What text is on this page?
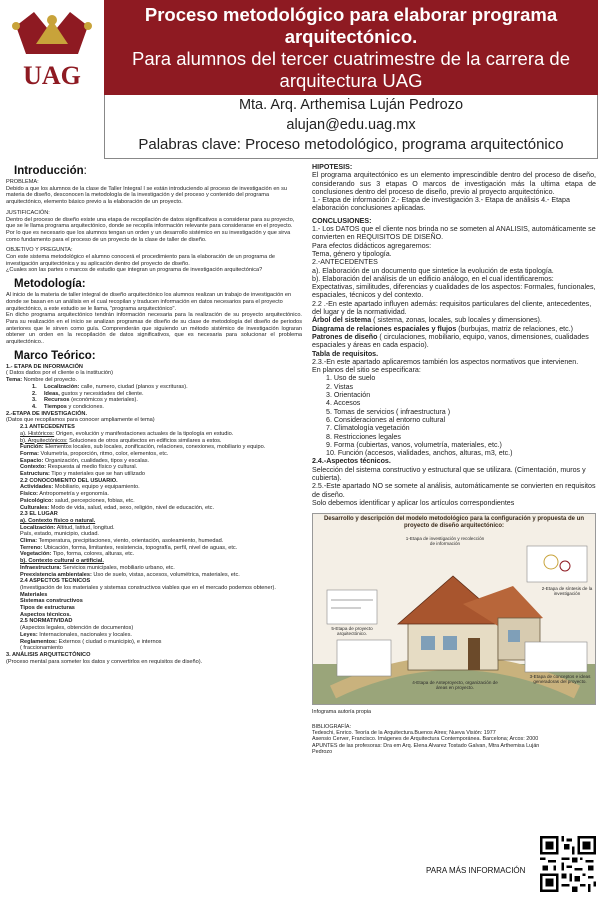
UAG
Proceso metodológico para elaborar programa arquitectónico.
Para alumnos del tercer cuatrimestre de la carrera de arquitectura UAG
Mta. Arq. Arthemisa Luján Pedrozo
alujan@edu.uag.mx
Palabras clave: Proceso metodológico, programa arquitectónico
Introducción:
PROBLEMA:
Debido a que los alumnos de la clase de Taller Integral I se están introduciendo al proceso de investigación en su materia de diseño, desconocen la metodología de la investigación y del proceso y contenido del programa arquitectónico, elemento básico previo a la elaboración de un proyecto.
JUSTIFICACIÓN:
Dentro del proceso de diseño existe una etapa de recopilación de datos significativos a considerar para su proyecto, que se le llama programa arquitectónico, donde se recopila información relevante para considerarse en el proyecto.
Por lo que es necesario que los alumnos tengan un orden y un desarrollo sistémico en su investigación y que sirva como fundamento para el proceso de un proyecto de la clase de taller de diseño.
OBJETIVO Y PREGUNTA:
Con este sistema metodológico el alumno conocerá el procedimiento para la elaboración de un programa de investigación arquitectónica y su aplicación dentro del proyecto de diseño.
¿Cuales son las partes o marcos de estudio que integran un programa de investigación arquitectónica?
Metodología:
Al inicio de la materia de taller integral de diseño arquitectónico los alumnos realizan un trabajo de investigación en donde se basan en un análisis en el cual recopilan y traducen información en datos necesarios para el proyecto arquitectónico, a este estudio se le llama, "programa arquitectónico".
En dicho programa arquitectónico tendrán información necesaria para la realización de su proyecto arquitectónico. Para su realización en el inicio se analizan programas de diseño de su clase de metodología del diseño de periodos anteriores que le sirven como guía. Comprenderán que siguiendo un método sistémico de investigación lograran obtener un orden en la recopilación de datos significativos, que es necesaria para solucionar el problema arquitectónico..
Marco Teórico:
1.- ETAPA DE INFORMACIÓN
( Datos dados por el cliente o la institución)
Tema: Nombre del proyecto.
1. Localización: calle, numero, ciudad (planos y escrituras).
2. Ideas, gustos y necesidades del cliente.
3. Recursos (económicos y materiales).
4. Tiempos y condiciones.
2.-ETAPA DE INVESTIGACIÓN.
(Datos que recopilamos para conocer ampliamente el tema)
2.1 ANTECEDENTES
a). Históricos: Origen, evolución y manifestaciones actuales de la tipología en estudio.
b). Arquitectónicos: Soluciones de otros arquitectos en edificios similares a estos.
Función: Elementos locales, sub locales, zonificación, relaciones, conexiones, mobiliario y equipo.
Forma: Volumetría, proporción, ritmo, color, elementos, etc.
Espacio: Organización, cualidades, tipos y escalas.
Contexto: Respuesta al medio físico y cultural.
Estructura: Tipo y materiales que se han utilizado
2.2 CONOCOMIENTO DEL USUARIO.
Actividades: Mobiliario, equipo y equipamiento.
Físico: Antropometría y ergonomía.
Psicológico: salud, percepciones, fobias, etc.
Culturales: Modo de vida, salud, edad, sexo, religión, nivel de educación, etc.
2.3 EL LUGAR
a). Contexto físico o natural.
Localización: Altitud, latitud, longitud.
País, estado, municipio, ciudad.
Clima: Temperatura, precipitaciones, viento, orientación, asoleamiento, humedad.
Terreno: Ubicación, forma, limitantes, resistencia, topografía, perfil, nivel de aguas, etc.
Vegetación: Tipo, forma, colores, alturas, etc.
b). Contexto cultural o artificial.
Infraestructura: Servicios municipales, mobiliario urbano, etc.
Preexistencia ambientales: Uso de suelo, vistas, accesos, volumétrica, materiales, etc.
2.4 ASPECTOS TECNICOS
(Investigación de los materiales y sistemas constructivos viables que en el mercado podemos obtener).
Materiales
Sistemas constructivos
Tipos de estructuras
Aspectos técnicos.
2.5 NORMATIVIDAD
(Aspectos legales, obtención de documentos)
Leyes: Internacionales, nacionales y locales.
Reglamentos: Externos ( ciudad o municipio), e internos
( fraccionamiento
3. ANÁLISIS ARQUITECTÓNICO
(Proceso mental para someter los datos y convertirlos en requisitos de diseño).
HIPOTESIS:
El programa arquitectónico es un elemento imprescindible dentro del proceso de diseño, considerando sus 3 etapas O marcos de investigación más la ultima etapa de conclusiones dentro del proceso de diseño, previo al proyecto arquitectónico.
1.- Etapa de información 2.- Etapa de investigación 3.- Etapa de análisis 4.- Etapa elaboración conclusiones aplicadas.
CONCLUSIONES:
1.- Los DATOS que el cliente nos brinda no se someten al ANALISIS, automáticamente se convierten en REQUISITOS DE DISEÑO.
Para efectos didácticos agregaremos:
Tema, género y tipología.
2.-ANTECEDENTES
a). Elaboración de un documento que sintetice la evolución de esta tipología.
b). Elaboración del análisis de un edificio análogo, en el cual identificaremos: Expectativas, similitudes, diferencias y cualidades de los aspectos: Formales, funcionales, espaciales, técnicos y del contexto.
2.2 .-En este apartado influyen además: requisitos particulares del cliente, antecedentes, del lugar y de la normatividad.
Árbol del sistema ( sistema, zonas, locales, sub locales y dimensiones).
Diagrama de relaciones espaciales y flujos (burbujas, matriz de relaciones, etc.)
Patrones de diseño ( circulaciones, mobiliario, equipo, vanos, dimensiones, cualidades espaciales y áreas en cada espacio).
Tabla de requisitos.
2.3.-En este apartado aplicaremos también los aspectos normativos que intervienen.
En planos del sitio se especificara:
1. Uso de suelo
2. Vistas
3. Orientación
4. Accesos
5. Tomas de servicios ( infraestructura )
6. Consideraciones al entorno cultural
7. Climatología vegetación
8. Restricciones legales
9. Forma (cubiertas, vanos, volumetría, materiales, etc.)
10. Función (accesos, vialidades, anchos, alturas, m3, etc.)
2.4.-Aspectos técnicos.
Selección del sistema constructivo y estructural que se utilizara. (Cimentación, muros y cubierta).
2.5.-Este apartado NO se somete al análisis, automáticamente se convierten en requisitos de diseño.
Solo debemos identificar y aplicar los artículos correspondientes
Desarrollo y descripción del modelo metodológico para la configuración y propuesta de un proyecto de diseño arquitectónico:
1-Etapa de investigación y recolección de información
2-Etapa de síntesis de la investigación
3-Etapa de conceptos e ideas generadoras del proyecto.
4-Etapa de Anteproyecto, organización de áreas en proyecto.
5-Etapa de proyecto arquitectónico.
Infograma autoría propia
BIBLIOGRAFÍA:
Tedeschi, Enrico. Teoría de la Arquitectura.Buenos Aires; Nueva Visión: 1977
Asensio Cerver, Francisco. Imágenes de Arquitectura Contemporánea. Barcelona; Arcos: 2000
APUNTES de las profesoras: Dra em Arq. Elena Alvarez Tostado Galvan, Mtra Arthemisa Luján Pedrozo
PARA MÁS INFORMACIÓN
